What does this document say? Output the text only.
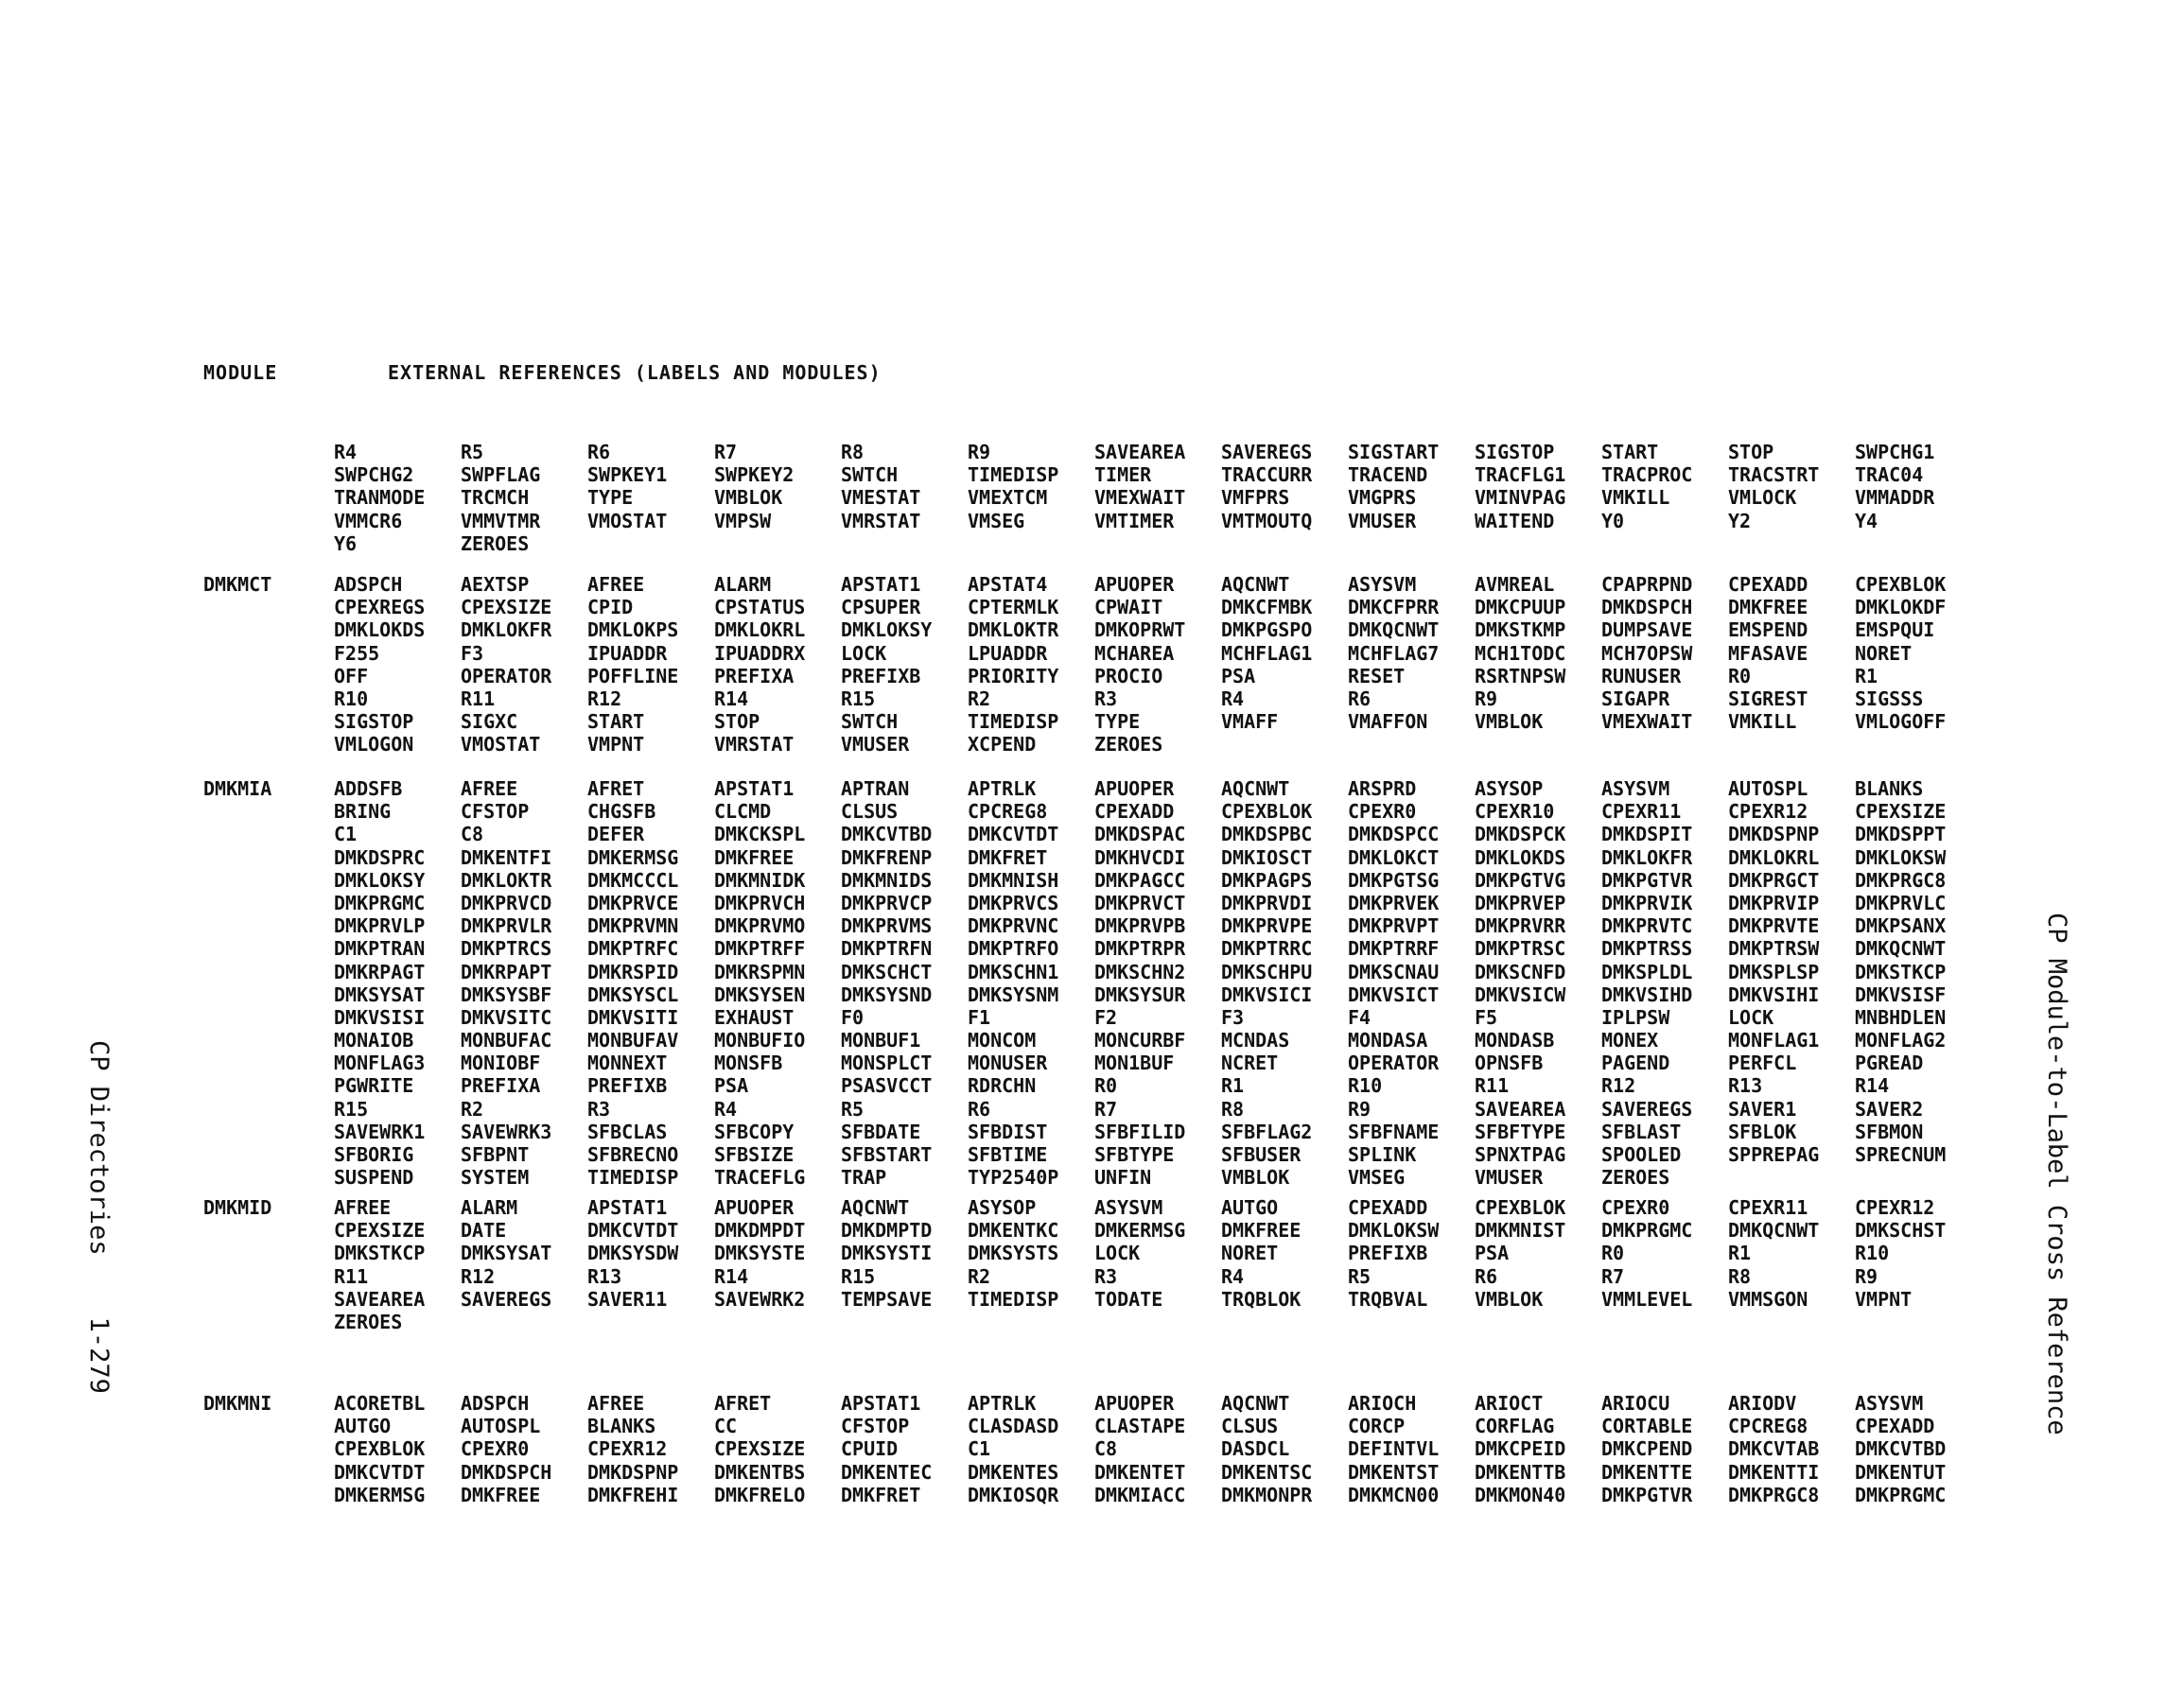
MODULE	EXTERNAL REFERENCES (LABELS AND MODULES)
R4	R5	R6	R7	R8	R9	SAVEAREA SAVEREGS SIGSTART SIGSTOP START	STOP	SWPCHG1
SWPCHG2 SWPFLAG SWPKEY1 SWPKEY2 SWTCH	TIMEDISP TIMER	TRACCURR TRACEND TRACFLG1 TRACPROC TRACSTRT TRAC04
TRANMODE TRCMCH	TYPE	VMBLOK	VMESTAT VMEXTCM VMEXWAIT VMFPRS	VMGPRS	VMINVPAG VMKILL	VMLOCK	VMMADDR
VMMCR6	VMMVTMR VMOSTAT VMPSW	VMRSTAT VMSEG	VMTIMER VMTMOUTQ VMUSER	WAITEND Y0	Y2	Y4
Y6	ZEROES
DMKMCT	ADSPCH	AEXTSP	AFREE	ALARM	APSTAT1 APSTAT4 APUOPER AQCNWT	ASYSVM	AVMREAL CPAPRPND CPEXADD CPEXBLOK
CPEXREGS CPEXSIZE CPID	CPSTATUS CPSUPER CPTERMLK CPWAIT	DMKCFMBK DMKCFPRR DMKCPUUP DMKDSPCH DMKFREE DMKLOKDF
DMKLOKDS DMKLOKFR DMKLOKPS DMKLOKRL DMKLOKSY DMKLOKTR DMKOPRWT DMKPGSPO DMKQCNWT DMKSTKMP DUMPSAVE EMSPEND EMSPQUI
F255	F3	IPUADDR IPUADDRX LOCK	LPUADDR MCHAREA MCHFLAG1 MCHFLAG7 MCH1TODC MCH7OPSW MFASAVE NORET
OFF	OPERATOR POFFLINE PREFIXA PREFIXB PRIORITY PROCIO	PSA	RESET	RSRTNPSW RUNUSER R0	R1
R10	R11	R12	R14	R15	R2	R3	R4	R6	R9	SIGAPR	SIGREST SIGSSS
SIGSTOP SIGXC	START	STOP	SWTCH	TIMEDISP TYPE	VMAFF	VMAFFON VMBLOK	VMEXWAIT VMKILL	VMLOGOFF
VMLOGON VMOSTAT VMPNT	VMRSTAT VMUSER	XCPEND	ZEROES
DMKMIA	ADDSFB	AFREE	AFRET	APSTAT1 APTRAN	APTRLK	APUOPER AQCNWT	ARSPRD	ASYSOP	ASYSVM	AUTOSPL BLANKS
BRING	CFSTOP	CHGSFB	CLCMD	CLSUS	CPCREG8 CPEXADD CPEXBLOK CPEXR0	CPEXR10 CPEXR11 CPEXR12 CPEXSIZE
C1	C8	DEFER	DMKCKSPL DMKCVTBD DMKCVTDT DMKDSPAC DMKDSPBC DMKDSPCC DMKDSPCK DMKDSPIT DMKDSPNP DMKDSPPT
DMKDSPRC DMKENTFI DMKERMSG DMKFREE DMKFRENP DMKFRET DMKHVCDI DMKIOSCT DMKLOKCT DMKLOKDS DMKLOKFR DMKLOKRL DMKLOKSW
DMKLOKSY DMKLOKTR DMKMCCCL DMKMNIDK DMKMNIDS DMKMNISH DMKPAGCC DMKPAGPS DMKPGTSG DMKPGTVG DMKPGTVR DMKPRGCT DMKPRGC8
DMKPRGMC DMKPRVCD DMKPRVCE DMKPRVCH DMKPRVCP DMKPRVCS DMKPRVCT DMKPRVDI DMKPRVEK DMKPRVEP DMKPRVIK DMKPRVIP DMKPRVLC
DMKPRVLP DMKPRVLR DMKPRVMN DMKPRVMO DMKPRVMS DMKPRVNC DMKPRVPB DMKPRVPE DMKPRVPT DMKPRVRR DMKPRVTC DMKPRVTE DMKPSANX
DMKPTRAN DMKPTRCS DMKPTRFC DMKPTRFF DMKPTRFN DMKPTRFO DMKPTRPR DMKPTRRC DMKPTRRF DMKPTRSC DMKPTRSS DMKPTRSW DMKQCNWT
DMKRPAGT DMKRPAPT DMKRSPID DMKRSPMN DMKSCHCT DMKSCHN1 DMKSCHN2 DMKSCHPU DMKSCNAU DMKSCNFD DMKSPLDL DMKSPLSP DMKSTKCP
DMKSYSAT DMKSYSBF DMKSYSCL DMKSYSEN DMKSYSND DMKSYSNM DMKSYSUR DMKVSICI DMKVSICT DMKVSICW DMKVSIHD DMKVSIHI DMKVSISF
DMKVSISI DMKVSITC DMKVSITI EXHAUST F0	F1	F2	F3	F4	F5	IPLPSW	LOCK	MNBHDLEN
MONAIOB MONBUFAC MONBUFAV MONBUFIO MONBUF1 MONCOM	MONCURBF MCNDAS	MONDASA MONDASB MONEX	MONFLAG1 MONFLAG2
MONFLAG3 MONIOBF MONNEXT MONSFB	MONSPLCT MONUSER MON1BUF NCRET	OPERATOR OPNSFB	PAGEND	PERFCL	PGREAD
PGWRITE PREFIXA PREFIXB PSA	PSASVCCT RDRCHN	R0	R1	R10	R11	R12	R13	R14
R15	R2	R3	R4	R5	R6	R7	R8	R9	SAVEAREA SAVEREGS SAVER1	SAVER2
SAVEWRK1 SAVEWRK3 SFBCLAS SFBCOPY SFBDATE SFBDIST SFBFILID SFBFLAG2 SFBFNAME SFBFTYPE SFBLAST SFBLOK	SFBMON
SFBORIG SFBPNT	SFBRECNO SFBSIZE SFBSTART SFBTIME SFBTYPE SFBUSER SPLINK	SPNXTPAG SPOOLED SPPREPAG SPRECNUM
SUSPEND SYSTEM	TIMEDISP TRACEFLG TRAP	TYP2540P UNFIN	VMBLOK	VMSEG	VMUSER	ZEROES
DMKMID	AFREE	ALARM	APSTAT1 APUOPER AQCNWT	ASYSOP	ASYSVM	AUTGO	CPEXADD CPEXBLOK CPEXR0	CPEXR11 CPEXR12
CPEXSIZE DATE	DMKCVTDT DMKDMPDT DMKDMPTD DMKENTKC DMKERMSG DMKFREE DMKLOKSW DMKMNIST DMKPRGMC DMKQCNWT DMKSCHST
DMKSTKCP DMKSYSAT DMKSYSDW DMKSYSTE DMKSYSTI DMKSYSTS LOCK	NORET	PREFIXB PSA	R0	R1	R10
R11	R12	R13	R14	R15	R2	R3	R4	R5	R6	R7	R8	R9
SAVEAREA SAVEREGS SAVER11 SAVEWRK2 TEMPSAVE TIMEDISP TODATE	TRQBLOK TRQBVAL VMBLOK	VMMLEVEL VMMSGON VMPNT
ZEROES
DMKMNI	ACORETBL ADSPCH	AFREE	AFRET	APSTAT1 APTRLK	APUOPER AQCNWT	ARIOCH	ARIOCT	ARIOCU	ARIODV	ASYSVM
AUTGO	AUTOSPL BLANKS	CC	CFSTOP	CLASDASD CLASTAPE CLSUS	CORCP	CORFLAG CORTABLE CPCREG8 CPEXADD
CPEXBLOK CPEXR0	CPEXR12 CPEXSIZE CPUID	C1	C8	DASDCL	DEFINTVL DMKCPEID DMKCPEND DMKCVTAB DMKCVTBD
DMKCVTDT DMKDSPCH DMKDSPNP DMKENTBS DMKENTEC DMKENTES DMKENTET DMKENTSC DMKENTST DMKENTTB DMKENTTE DMKENTTI DMKENTUT
DMKERMSG DMKFREE DMKFREHI DMKFRELO DMKFRET DMKIOSQR DMKMIACC DMKMONPR DMKMCN00 DMKMON40 DMKPGTVR DMKPRGC8 DMKPRGMC
CP Directories    1-279	CP Module-to-Label Cross Reference
